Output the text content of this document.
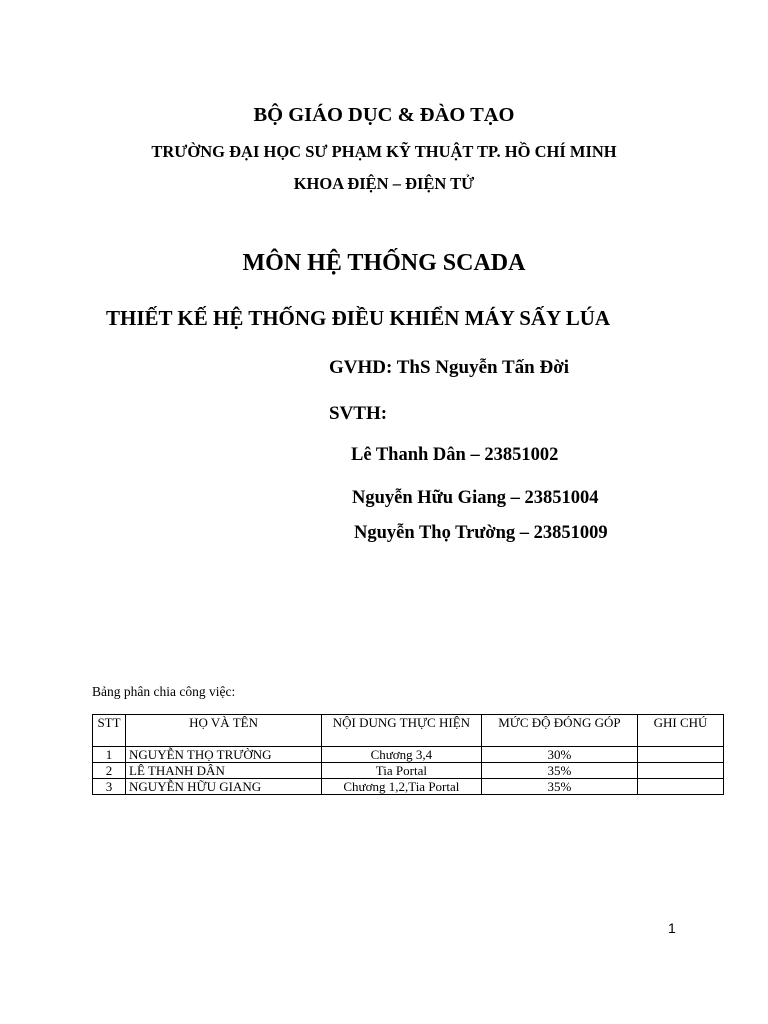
BỘ GIÁO DỤC & ĐÀO TẠO
TRƯỜNG ĐẠI HỌC SƯ PHẠM KỸ THUẬT TP. HỒ CHÍ MINH
KHOA ĐIỆN – ĐIỆN TỬ
MÔN HỆ THỐNG SCADA
THIẾT KẾ HỆ THỐNG ĐIỀU KHIỂN MÁY SẤY LÚA
GVHD: ThS Nguyễn Tấn Đời
SVTH:
Lê Thanh Dân – 23851002
Nguyễn Hữu Giang – 23851004
Nguyễn Thọ Trường – 23851009
Bảng phân chia công việc:
STT	HỌ VÀ TÊN	NỘI DUNG THỰC HIỆN	MỨC ĐỘ ĐÓNG GÓP	GHI CHÚ
1	NGUYỄN THỌ TRƯỜNG	Chương 3,4	30%	
2	LÊ THANH DÂN	Tia Portal	35%	
3	NGUYỄN HỮU GIANG	Chương 1,2,Tia Portal	35%	
1
